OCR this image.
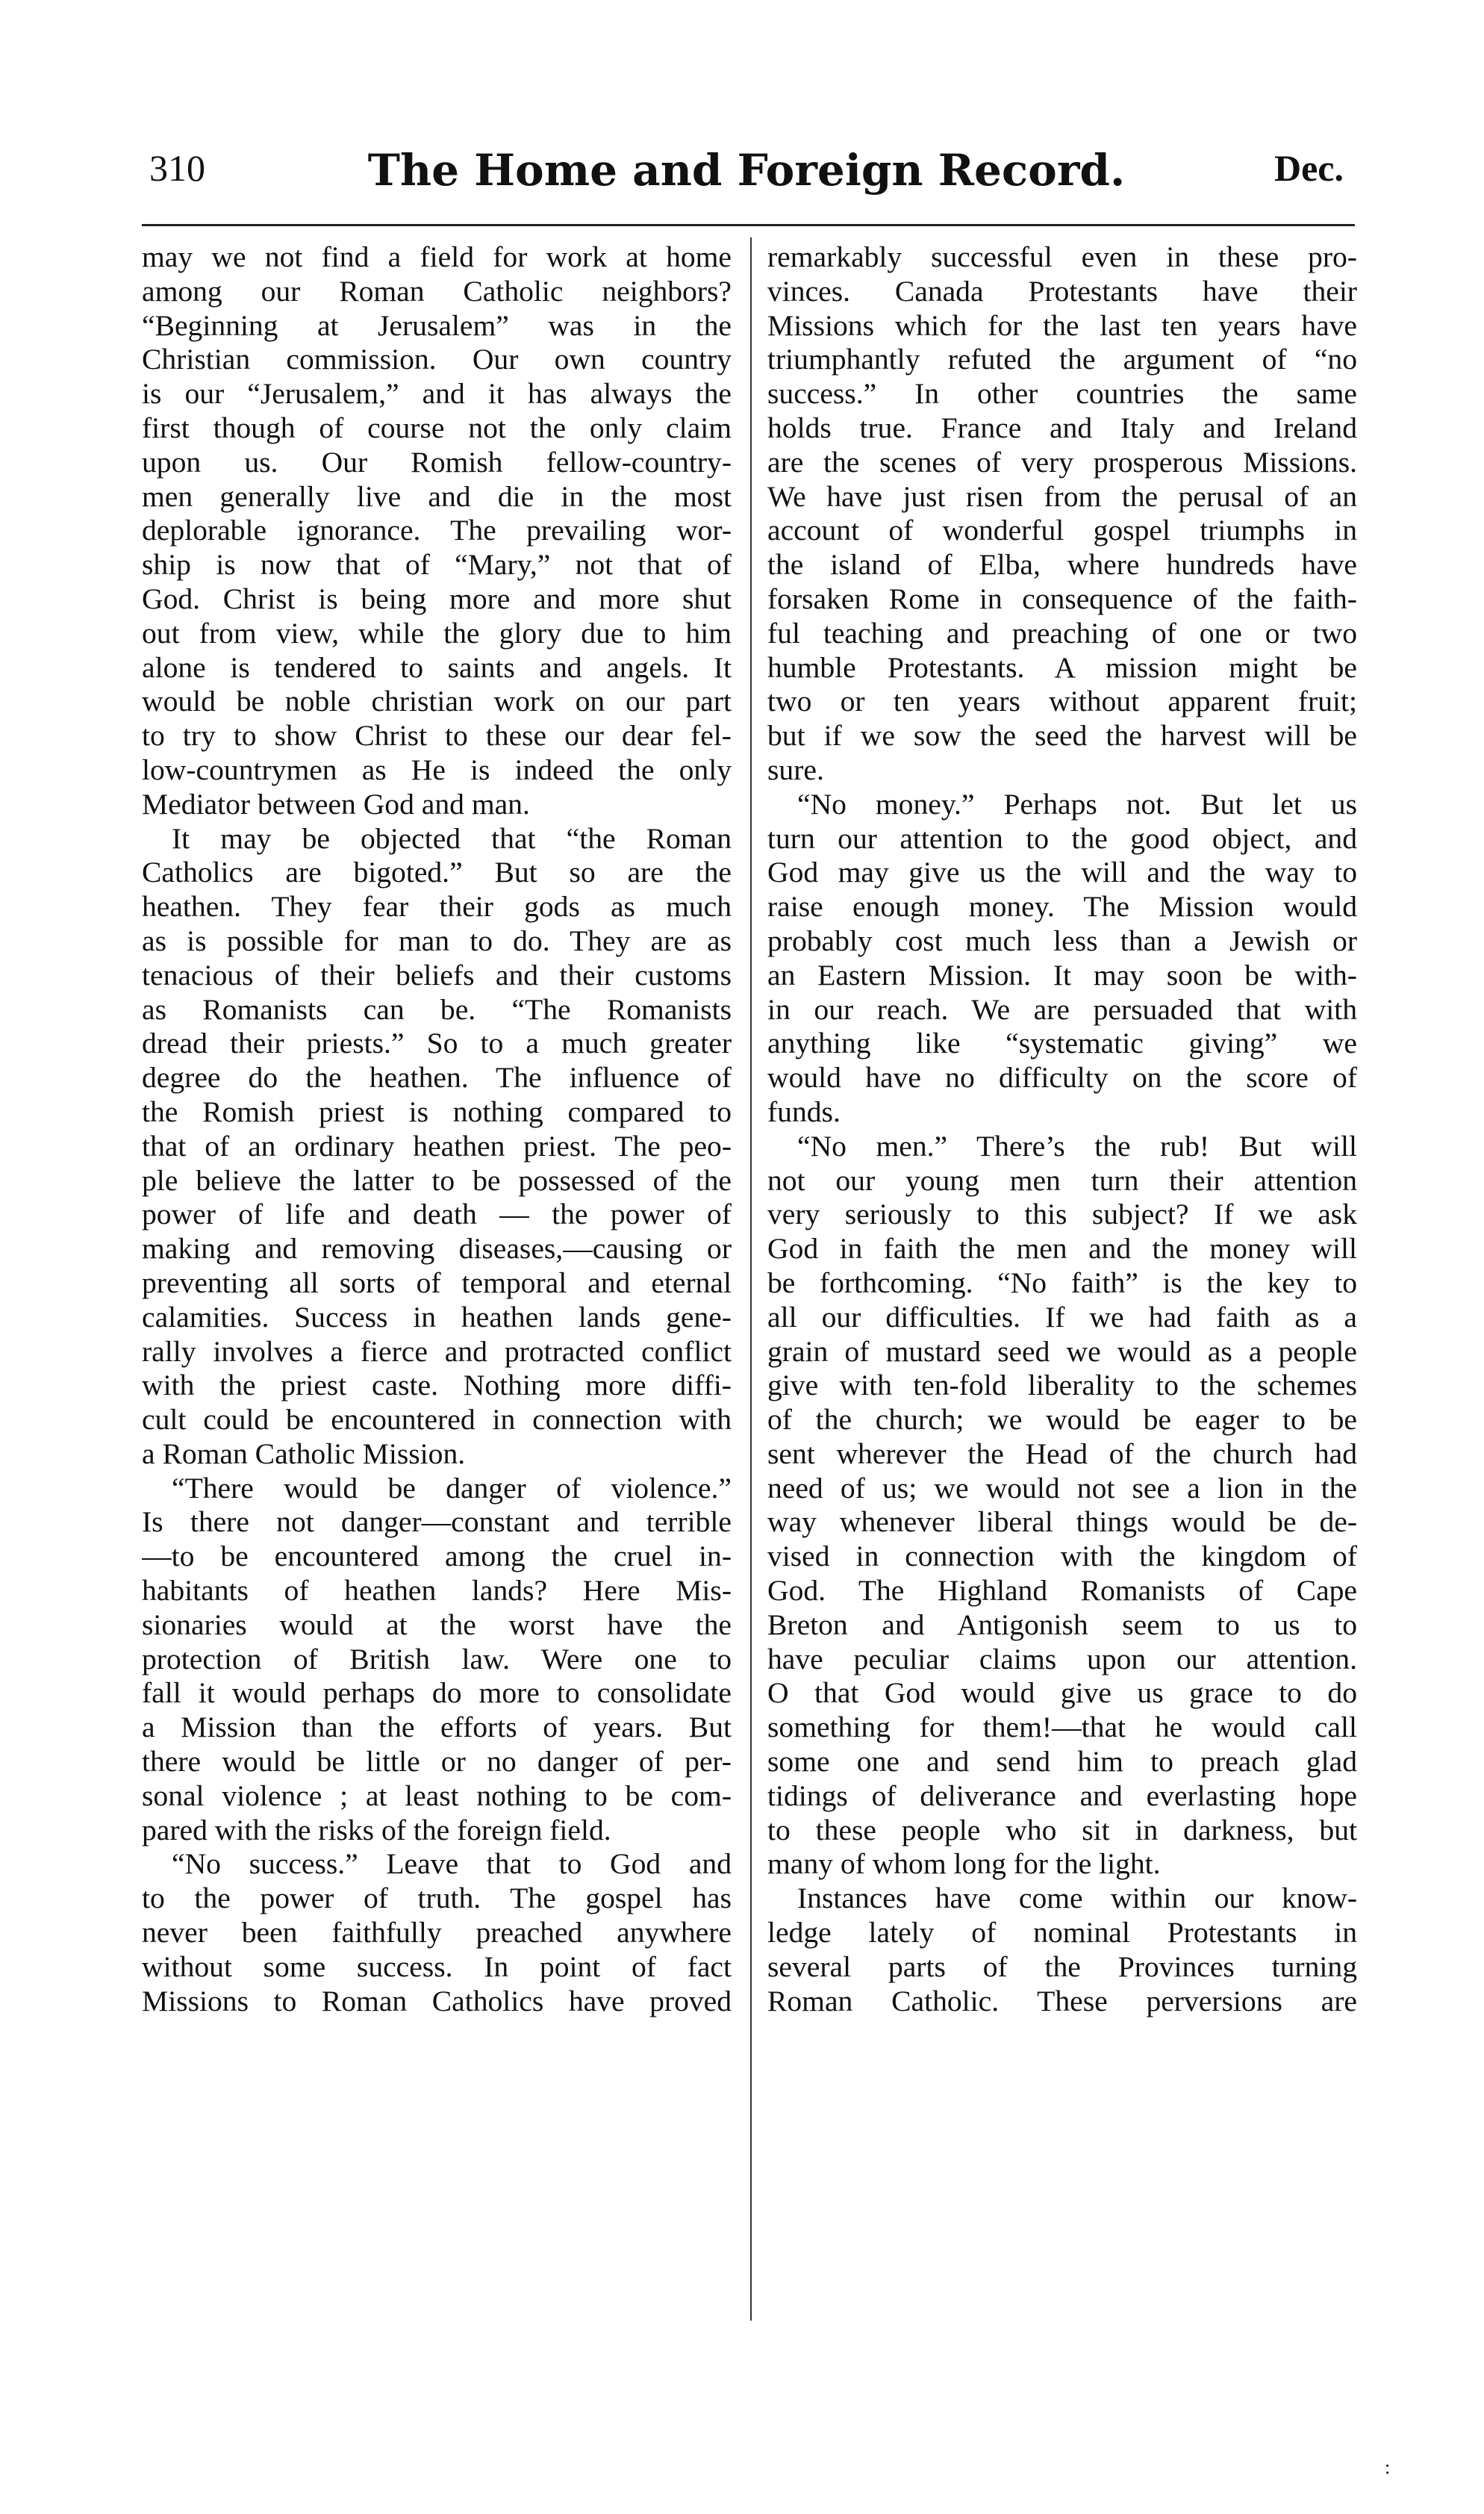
310	The Home and Foreign Record.	Dec.
may we not find a field for work at home
among our Roman Catholic neighbors?
“Beginning at Jerusalem” was in the
Christian commission. Our own country
is our “Jerusalem,” and it has always the
first though of course not the only claim
upon us. Our Romish fellow-country-
men generally live and die in the most
deplorable ignorance. The prevailing wor-
ship is now that of “Mary,” not that of
God. Christ is being more and more shut
out from view, while the glory due to him
alone is tendered to saints and angels. It
would be noble christian work on our part
to try to show Christ to these our dear fel-
low-countrymen as He is indeed the only
Mediator between God and man.
It may be objected that “the Roman
Catholics are bigoted.” But so are the
heathen. They fear their gods as much
as is possible for man to do. They are as
tenacious of their beliefs and their customs
as Romanists can be. “The Romanists
dread their priests.” So to a much greater
degree do the heathen. The influence of
the Romish priest is nothing compared to
that of an ordinary heathen priest. The peo-
ple believe the latter to be possessed of the
power of life and death — the power of
making and removing diseases,—causing or
preventing all sorts of temporal and eternal
calamities. Success in heathen lands gene-
rally involves a fierce and protracted conflict
with the priest caste. Nothing more diffi-
cult could be encountered in connection with
a Roman Catholic Mission.
“There would be danger of violence.”
Is there not danger—constant and terrible
—to be encountered among the cruel in-
habitants of heathen lands? Here Mis-
sionaries would at the worst have the
protection of British law. Were one to
fall it would perhaps do more to consolidate
a Mission than the efforts of years. But
there would be little or no danger of per-
sonal violence ; at least nothing to be com-
pared with the risks of the foreign field.
“No success.” Leave that to God and
to the power of truth. The gospel has
never been faithfully preached anywhere
without some success. In point of fact
Missions to Roman Catholics have proved
remarkably successful even in these pro-
vinces. Canada Protestants have their
Missions which for the last ten years have
triumphantly refuted the argument of “no
success.” In other countries the same
holds true. France and Italy and Ireland
are the scenes of very prosperous Missions.
We have just risen from the perusal of an
account of wonderful gospel triumphs in
the island of Elba, where hundreds have
forsaken Rome in consequence of the faith-
ful teaching and preaching of one or two
humble Protestants. A mission might be
two or ten years without apparent fruit;
but if we sow the seed the harvest will be
sure.
“No money.” Perhaps not. But let us
turn our attention to the good object, and
God may give us the will and the way to
raise enough money. The Mission would
probably cost much less than a Jewish or
an Eastern Mission. It may soon be with-
in our reach. We are persuaded that with
anything like “systematic giving” we
would have no difficulty on the score of
funds.
“No men.” There’s the rub! But will
not our young men turn their attention
very seriously to this subject? If we ask
God in faith the men and the money will
be forthcoming. “No faith” is the key to
all our difficulties. If we had faith as a
grain of mustard seed we would as a people
give with ten-fold liberality to the schemes
of the church; we would be eager to be
sent wherever the Head of the church had
need of us; we would not see a lion in the
way whenever liberal things would be de-
vised in connection with the kingdom of
God. The Highland Romanists of Cape
Breton and Antigonish seem to us to
have peculiar claims upon our attention.
O that God would give us grace to do
something for them!—that he would call
some one and send him to preach glad
tidings of deliverance and everlasting hope
to these people who sit in darkness, but
many of whom long for the light.
Instances have come within our know-
ledge lately of nominal Protestants in
several parts of the Provinces turning
Roman Catholic. These perversions are
:
